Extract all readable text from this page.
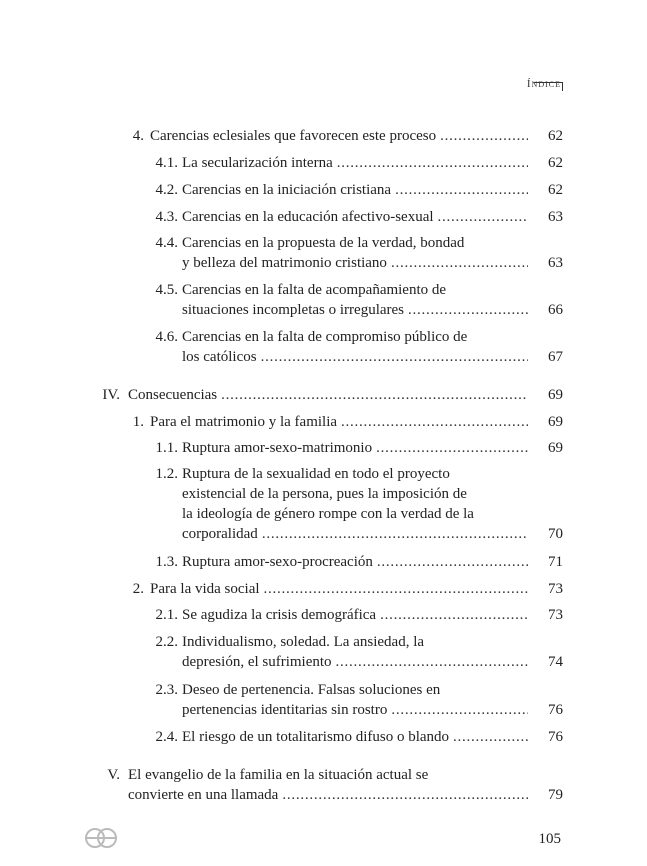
Índice
4. Carencias eclesiales que favorecen este proceso . . .	62
4.1. La secularización interna . . .	62
4.2. Carencias en la iniciación cristiana . . .	62
4.3. Carencias en la educación afectivo-sexual . . .	63
4.4. Carencias en la propuesta de la verdad, bondad
y belleza del matrimonio cristiano . . .	63
4.5. Carencias en la falta de acompañamiento de
situaciones incompletas o irregulares . . .	66
4.6. Carencias en la falta de compromiso público de
los católicos . . .	67
IV. Consecuencias . . .	69
1. Para el matrimonio y la familia . . .	69
1.1. Ruptura amor-sexo-matrimonio . . .	69
1.2. Ruptura de la sexualidad en todo el proyecto
existencial de la persona, pues la imposición de
la ideología de género rompe con la verdad de la
corporalidad . . .	70
1.3. Ruptura amor-sexo-procreación . . .	71
2. Para la vida social . . .	73
2.1. Se agudiza la crisis demográfica . . .	73
2.2. Individualismo, soledad. La ansiedad, la
depresión, el sufrimiento . . .	74
2.3. Deseo de pertenencia. Falsas soluciones en
pertenencias identitarias sin rostro . . .	76
2.4. El riesgo de un totalitarismo difuso o blando . . .	76
V. El evangelio de la familia en la situación actual se
convierte en una llamada . . .	79
105
